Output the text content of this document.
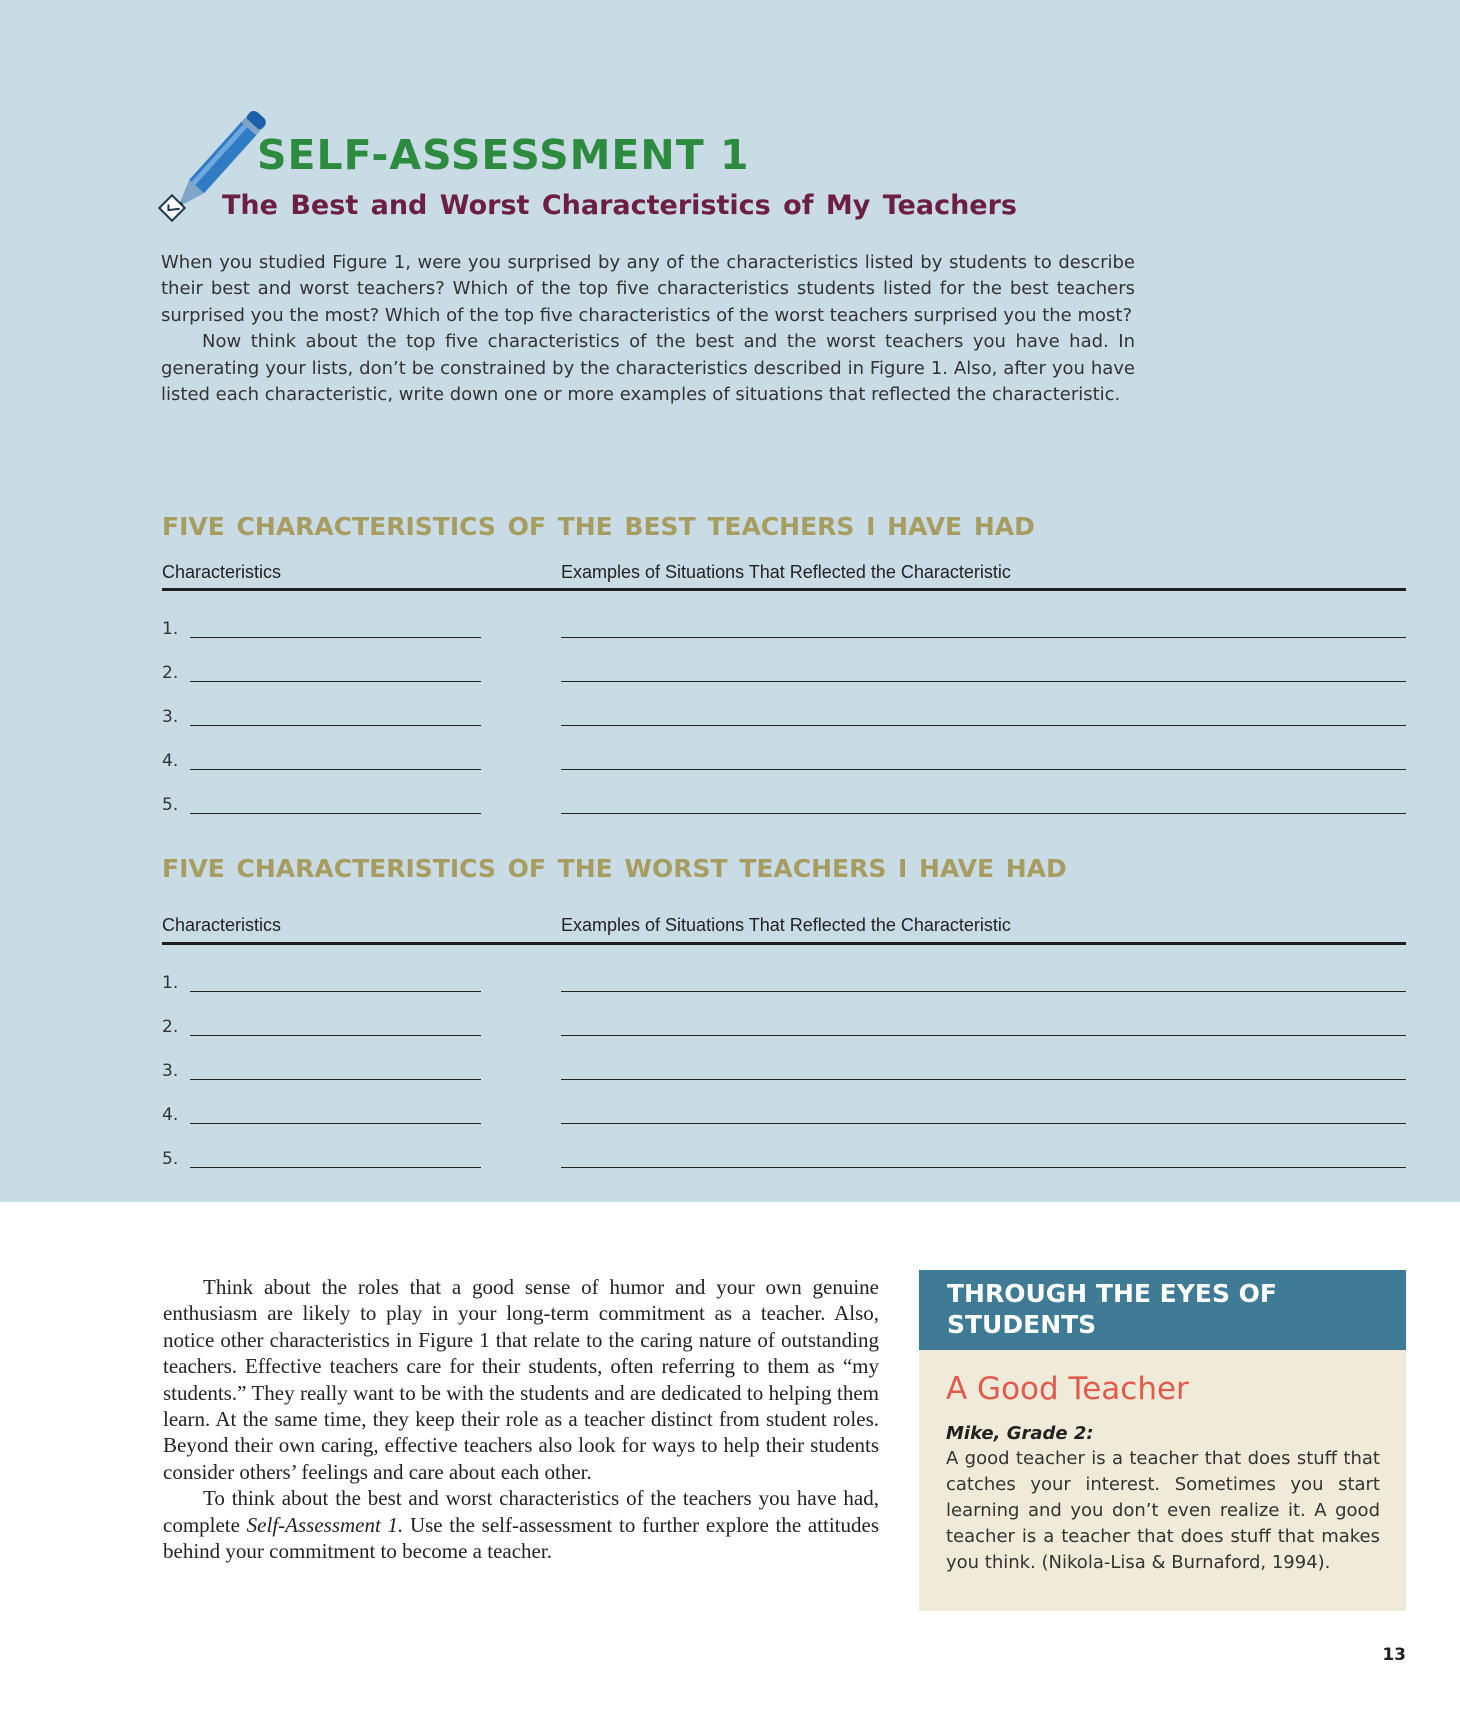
SELF-ASSESSMENT 1
The Best and Worst Characteristics of My Teachers

When you studied Figure 1, were you surprised by any of the characteristics listed by students to describe their best and worst teachers? Which of the top five characteristics students listed for the best teachers surprised you the most? Which of the top five characteristics of the worst teachers surprised you the most?

Now think about the top five characteristics of the best and the worst teachers you have had. In generating your lists, don’t be constrained by the characteristics described in Figure 1. Also, after you have listed each characteristic, write down one or more examples of situations that reflected the characteristic.

FIVE CHARACTERISTICS OF THE BEST TEACHERS I HAVE HAD
Characteristics	Examples of Situations That Reflected the Characteristic
1.
2.
3.
4.
5.
FIVE CHARACTERISTICS OF THE WORST TEACHERS I HAVE HAD
Characteristics	Examples of Situations That Reflected the Characteristic
1.
2.
3.
4.
5.

Think about the roles that a good sense of humor and your own genuine enthusiasm are likely to play in your long-term commitment as a teacher. Also, notice other characteristics in Figure 1 that relate to the caring nature of outstanding teachers. Effective teachers care for their students, often referring to them as “my students.” They really want to be with the students and are dedicated to helping them learn. At the same time, they keep their role as a teacher distinct from student roles. Beyond their own caring, effective teachers also look for ways to help their students consider others’ feelings and care about each other.

To think about the best and worst characteristics of the teachers you have had, complete Self-Assessment 1. Use the self-assessment to further explore the attitudes behind your commitment to become a teacher.

THROUGH THE EYES OF STUDENTS
A Good Teacher
Mike, Grade 2:
A good teacher is a teacher that does stuff that catches your interest. Sometimes you start learning and you don’t even realize it. A good teacher is a teacher that does stuff that makes you think. (Nikola-Lisa & Burnaford, 1994).
13
